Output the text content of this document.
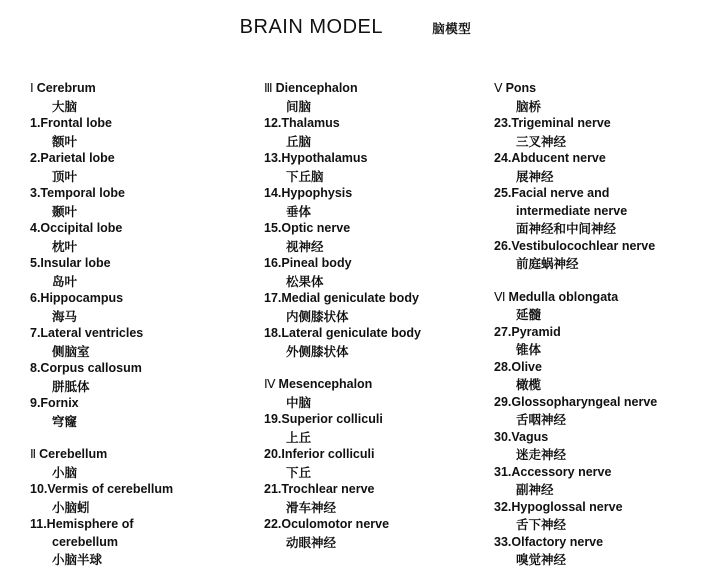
BRAIN MODEL	脑模型
Ⅰ Cerebrum
大脑
1.Frontal lobe
额叶
2.Parietal lobe
顶叶
3.Temporal lobe
颞叶
4.Occipital lobe
枕叶
5.Insular lobe
岛叶
6.Hippocampus
海马
7.Lateral ventricles
侧脑室
8.Corpus callosum
胼胝体
9.Fornix
穹窿
Ⅱ Cerebellum
小脑
10.Vermis of cerebellum
小脑蚓
11.Hemisphere of
cerebellum
小脑半球
Ⅲ Diencephalon
间脑
12.Thalamus
丘脑
13.Hypothalamus
下丘脑
14.Hypophysis
垂体
15.Optic nerve
视神经
16.Pineal body
松果体
17.Medial geniculate body
内侧膝状体
18.Lateral geniculate body
外侧膝状体
Ⅳ Mesencephalon
中脑
19.Superior colliculi
上丘
20.Inferior colliculi
下丘
21.Trochlear nerve
滑车神经
22.Oculomotor nerve
动眼神经
Ⅴ Pons
脑桥
23.Trigeminal nerve
三叉神经
24.Abducent nerve
展神经
25.Facial nerve and
intermediate nerve
面神经和中间神经
26.Vestibulocochlear nerve
前庭蜗神经
Ⅵ Medulla oblongata
延髓
27.Pyramid
锥体
28.Olive
橄榄
29.Glossopharyngeal nerve
舌咽神经
30.Vagus
迷走神经
31.Accessory nerve
副神经
32.Hypoglossal nerve
舌下神经
33.Olfactory nerve
嗅觉神经
